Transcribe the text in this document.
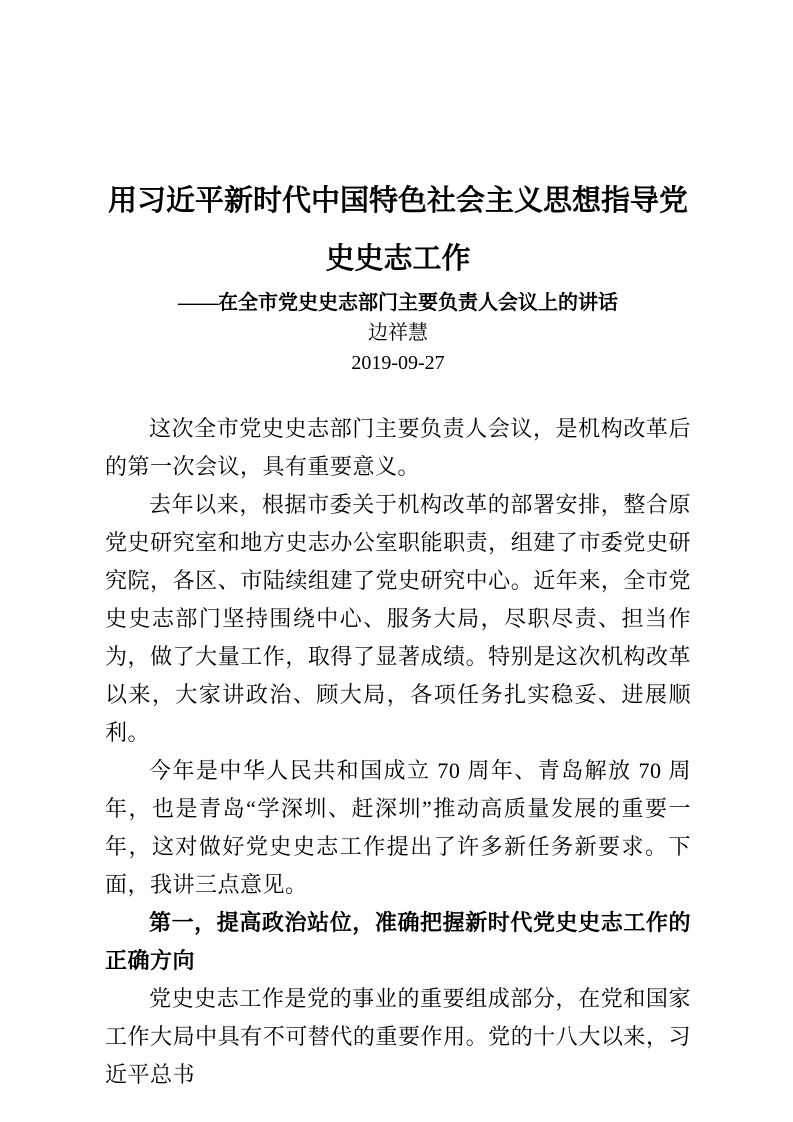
用习近平新时代中国特色社会主义思想指导党史史志工作

——在全市党史史志部门主要负责人会议上的讲话

边祥慧

2019-09-27

这次全市党史史志部门主要负责人会议，是机构改革后的第一次会议，具有重要意义。

去年以来，根据市委关于机构改革的部署安排，整合原党史研究室和地方史志办公室职能职责，组建了市委党史研究院，各区、市陆续组建了党史研究中心。近年来，全市党史史志部门坚持围绕中心、服务大局，尽职尽责、担当作为，做了大量工作，取得了显著成绩。特别是这次机构改革以来，大家讲政治、顾大局，各项任务扎实稳妥、进展顺利。

今年是中华人民共和国成立 70 周年、青岛解放 70 周年，也是青岛“学深圳、赶深圳”推动高质量发展的重要一年，这对做好党史史志工作提出了许多新任务新要求。下面，我讲三点意见。

第一，提高政治站位，准确把握新时代党史史志工作的正确方向

党史史志工作是党的事业的重要组成部分，在党和国家工作大局中具有不可替代的重要作用。党的十八大以来，习近平总书
